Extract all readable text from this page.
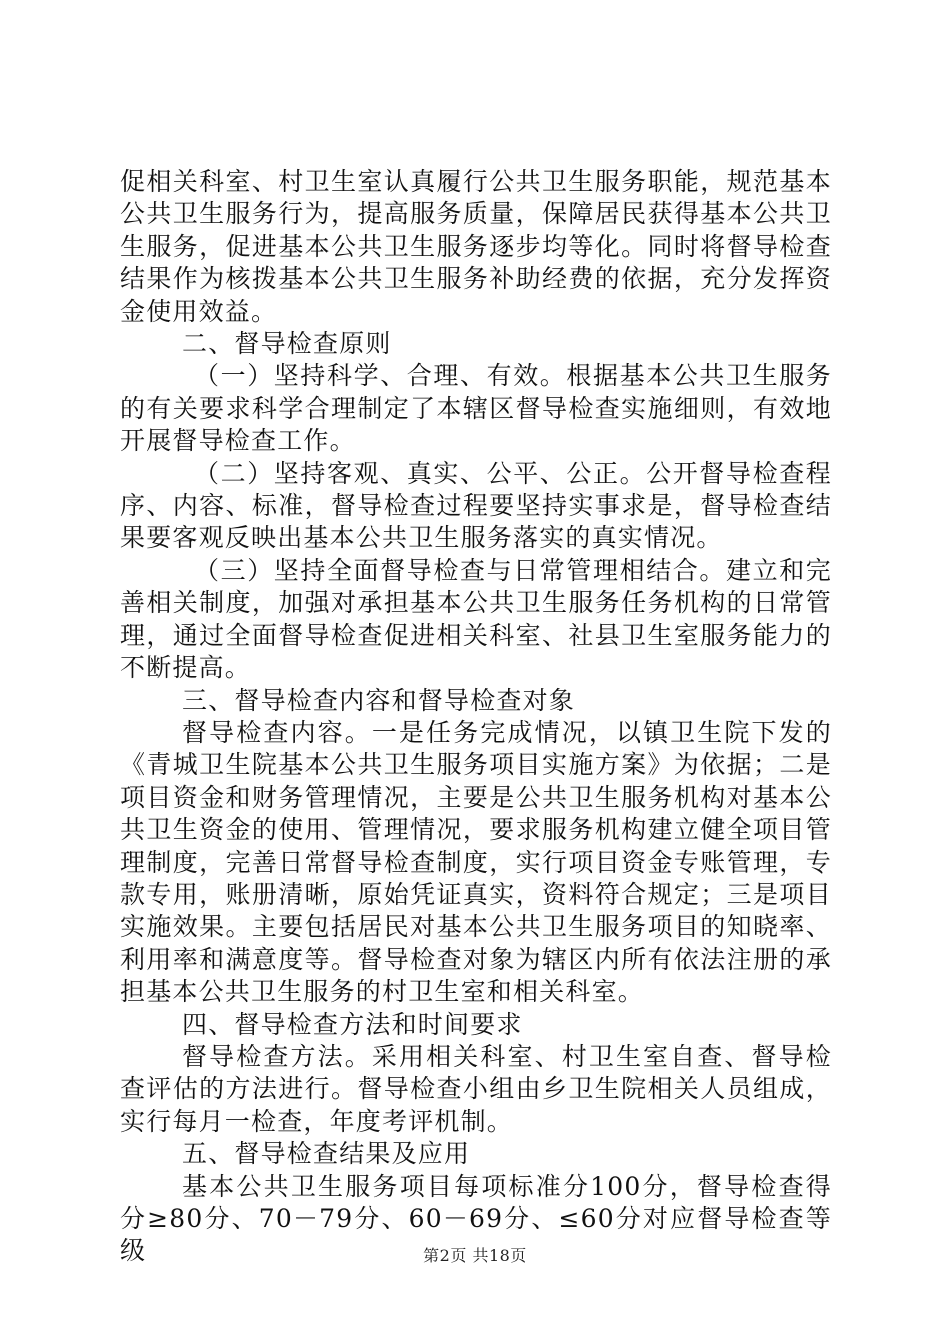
促相关科室、村卫生室认真履行公共卫生服务职能，规范基本公共卫生服务行为，提高服务质量，保障居民获得基本公共卫生服务，促进基本公共卫生服务逐步均等化。同时将督导检查结果作为核拨基本公共卫生服务补助经费的依据，充分发挥资金使用效益。

二、督导检查原则

（一）坚持科学、合理、有效。根据基本公共卫生服务的有关要求科学合理制定了本辖区督导检查实施细则，有效地开展督导检查工作。

（二）坚持客观、真实、公平、公正。公开督导检查程序、内容、标准，督导检查过程要坚持实事求是，督导检查结果要客观反映出基本公共卫生服务落实的真实情况。

（三）坚持全面督导检查与日常管理相结合。建立和完善相关制度，加强对承担基本公共卫生服务任务机构的日常管理，通过全面督导检查促进相关科室、社县卫生室服务能力的不断提高。

三、督导检查内容和督导检查对象

督导检查内容。一是任务完成情况，以镇卫生院下发的《青城卫生院基本公共卫生服务项目实施方案》为依据；二是项目资金和财务管理情况，主要是公共卫生服务机构对基本公共卫生资金的使用、管理情况，要求服务机构建立健全项目管理制度，完善日常督导检查制度，实行项目资金专账管理，专款专用，账册清晰，原始凭证真实，资料符合规定；三是项目实施效果。主要包括居民对基本公共卫生服务项目的知晓率、利用率和满意度等。督导检查对象为辖区内所有依法注册的承担基本公共卫生服务的村卫生室和相关科室。

四、督导检查方法和时间要求

督导检查方法。采用相关科室、村卫生室自查、督导检查评估的方法进行。督导检查小组由乡卫生院相关人员组成，实行每月一检查，年度考评机制。

五、督导检查结果及应用

基本公共卫生服务项目每项标准分100分，督导检查得分≥80分、70－79分、60－69分、≤60分对应督导检查等级	第2页 共18页
